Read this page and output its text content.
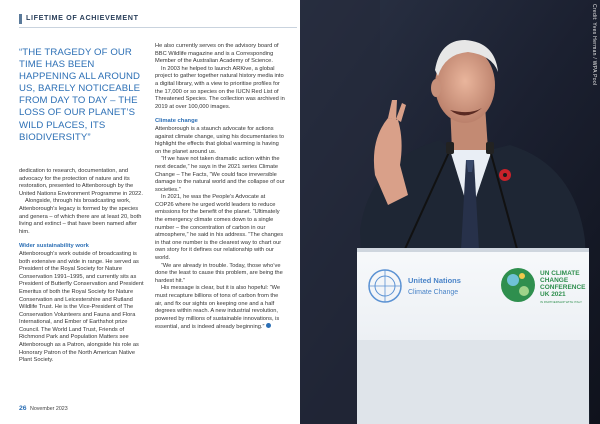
LIFETIME OF ACHIEVEMENT
“THE TRAGEDY OF OUR TIME HAS BEEN HAPPENING ALL AROUND US, BARELY NOTICEABLE FROM DAY TO DAY – THE LOSS OF OUR PLANET’S WILD PLACES, ITS BIODIVERSITY”

dedication to research, documentation, and advocacy for the protection of nature and its restoration, presented to Attenborough by the United Nations Environment Programme in 2022.

Alongside, through his broadcasting work, Attenborough’s legacy is formed by the species and genera – of which there are at least 20, both living and extinct – that have been named after him.

Wider sustainability work

Attenborough’s work outside of broadcasting is both extensive and wide in range. He served as President of the Royal Society for Nature Conservation 1991–1995, and currently sits as President of Butterfly Conservation and President Emeritus of both the Royal Society for Nature Conservation and Leicestershire and Rutland Wildlife Trust. He is the Vice-President of The Conservation Volunteers and Fauna and Flora International, and Ember of Earthshot prize Council. The World Land Trust, Friends of Richmond Park and Population Matters see Attenborough as a Patron, alongside his role as Honorary Patron of the North American Native Plant Society.

He also currently serves on the advisory board of BBC Wildlife magazine and is a Corresponding Member of the Australian Academy of Science.

In 2003 he helped to launch ARKive, a global project to gather together natural history media into a digital library, with a view to prioritise profiles for the 17,000 or so species on the IUCN Red List of Threatened Species. The collection was archived in 2019 at over 100,000 images.

Climate change

Attenborough is a staunch advocate for actions against climate change, using his documentaries to highlight the effects that global warming is having on the planet around us.

“If we have not taken dramatic action within the next decade,” he says in the 2021 series Climate Change – The Facts, “We could face irreversible damage to the natural world and the collapse of our societies.”

In 2021, he was the People’s Advocate at COP26 where he urged world leaders to reduce emissions for the benefit of the planet. “Ultimately the emergency climate comes down to a single number – the concentration of carbon in our atmosphere,” he said in his address. “The changes in that one number is the clearest way to chart our own story for it defines our relationship with our world.

“We are already in trouble. Today, those who’ve done the least to cause this problem, are being the hardest hit.”

His message is clear, but it is also hopeful: “We must recapture billions of tons of carbon from the air, and fix our sights on keeping one and a half degrees within reach. A new industrial revolution, powered by millions of sustainable innovations, is essential, and is indeed already beginning.”

26 November 2023
United Nations
Climate Change
UN CLIMATE
CHANGE
CONFERENCE
UK 2021
IN PARTNERSHIP WITH ITALY
Credit: Yves Herman / WPA Pool
